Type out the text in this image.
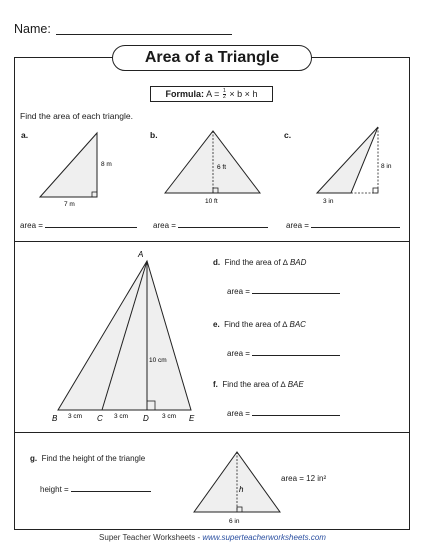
Name:
Area of a Triangle
Formula: $A = \frac{1}{2} \times b \times h$
Find the area of each triangle.
a.	b.	c.
8 m
7 m
6 ft
10 ft
8 in
3 in
area =	area =	area =
A
B	C	D	E
10 cm
3 cm	3 cm	3 cm
d. Find the area of ∆ BAD
area =
e. Find the area of ∆ BAC
area =
f. Find the area of ∆ BAE
area =
g. Find the height of the triangle
height =	h
6 in
area = 12 in²
Super Teacher Worksheets - www.superteacherworksheets.com
